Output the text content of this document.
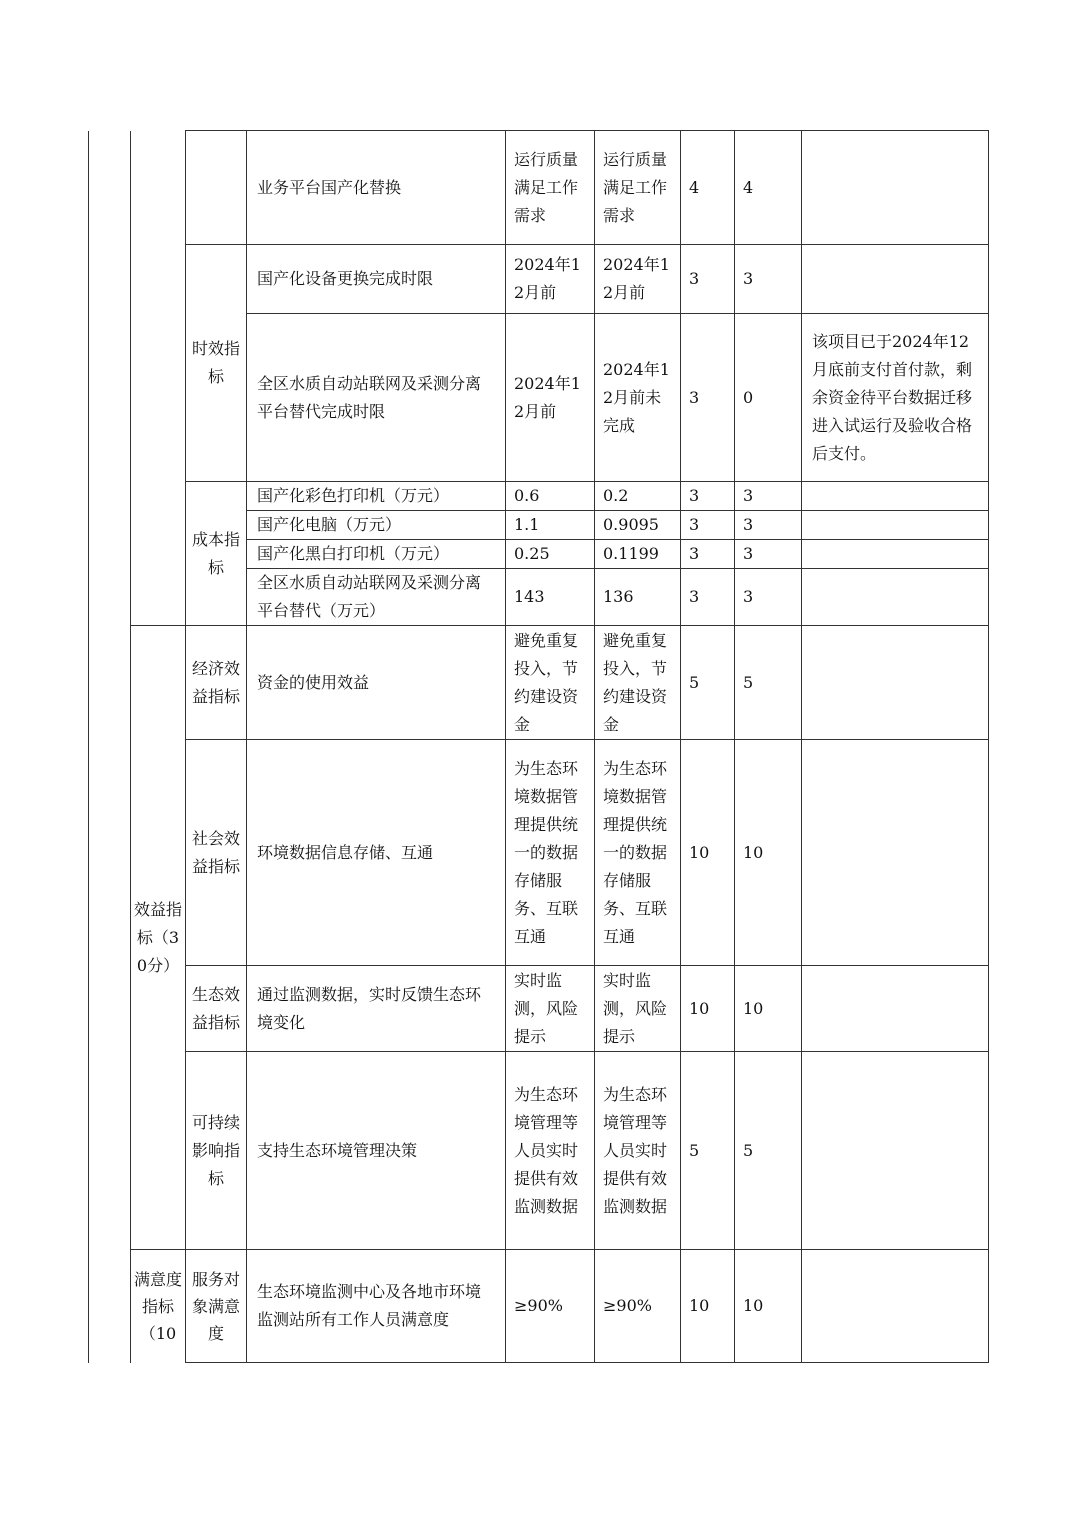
			业务平台国产化替换	运行质量满足工作需求	运行质量满足工作需求	4	4	
		时效指标	国产化设备更换完成时限	2024年12月前	2024年12月前	3	3	
			全区水质自动站联网及采测分离平台替代完成时限	2024年12月前	2024年12月前未完成	3	0	该项目已于2024年12月底前支付首付款，剩余资金待平台数据迁移进入试运行及验收合格后支付。
		成本指标	国产化彩色打印机（万元）	0.6	0.2	3	3	
			国产化电脑（万元）	1.1	0.9095	3	3	
			国产化黑白打印机（万元）	0.25	0.1199	3	3	
			全区水质自动站联网及采测分离平台替代（万元）	143	136	3	3	
	效益指标（30分）	经济效益指标	资金的使用效益	避免重复投入，节约建设资金	避免重复投入，节约建设资金	5	5	
		社会效益指标	环境数据信息存储、互通	为生态环境数据管理提供统一的数据存储服务、互联互通	为生态环境数据管理提供统一的数据存储服务、互联互通	10	10	
		生态效益指标	通过监测数据，实时反馈生态环境变化	实时监测，风险提示	实时监测，风险提示	10	10	
		可持续影响指标	支持生态环境管理决策	为生态环境管理等人员实时提供有效监测数据	为生态环境管理等人员实时提供有效监测数据	5	5	
	满意度指标（10	服务对象满意度	生态环境监测中心及各地市环境监测站所有工作人员满意度	≥90%	≥90%	10	10	
